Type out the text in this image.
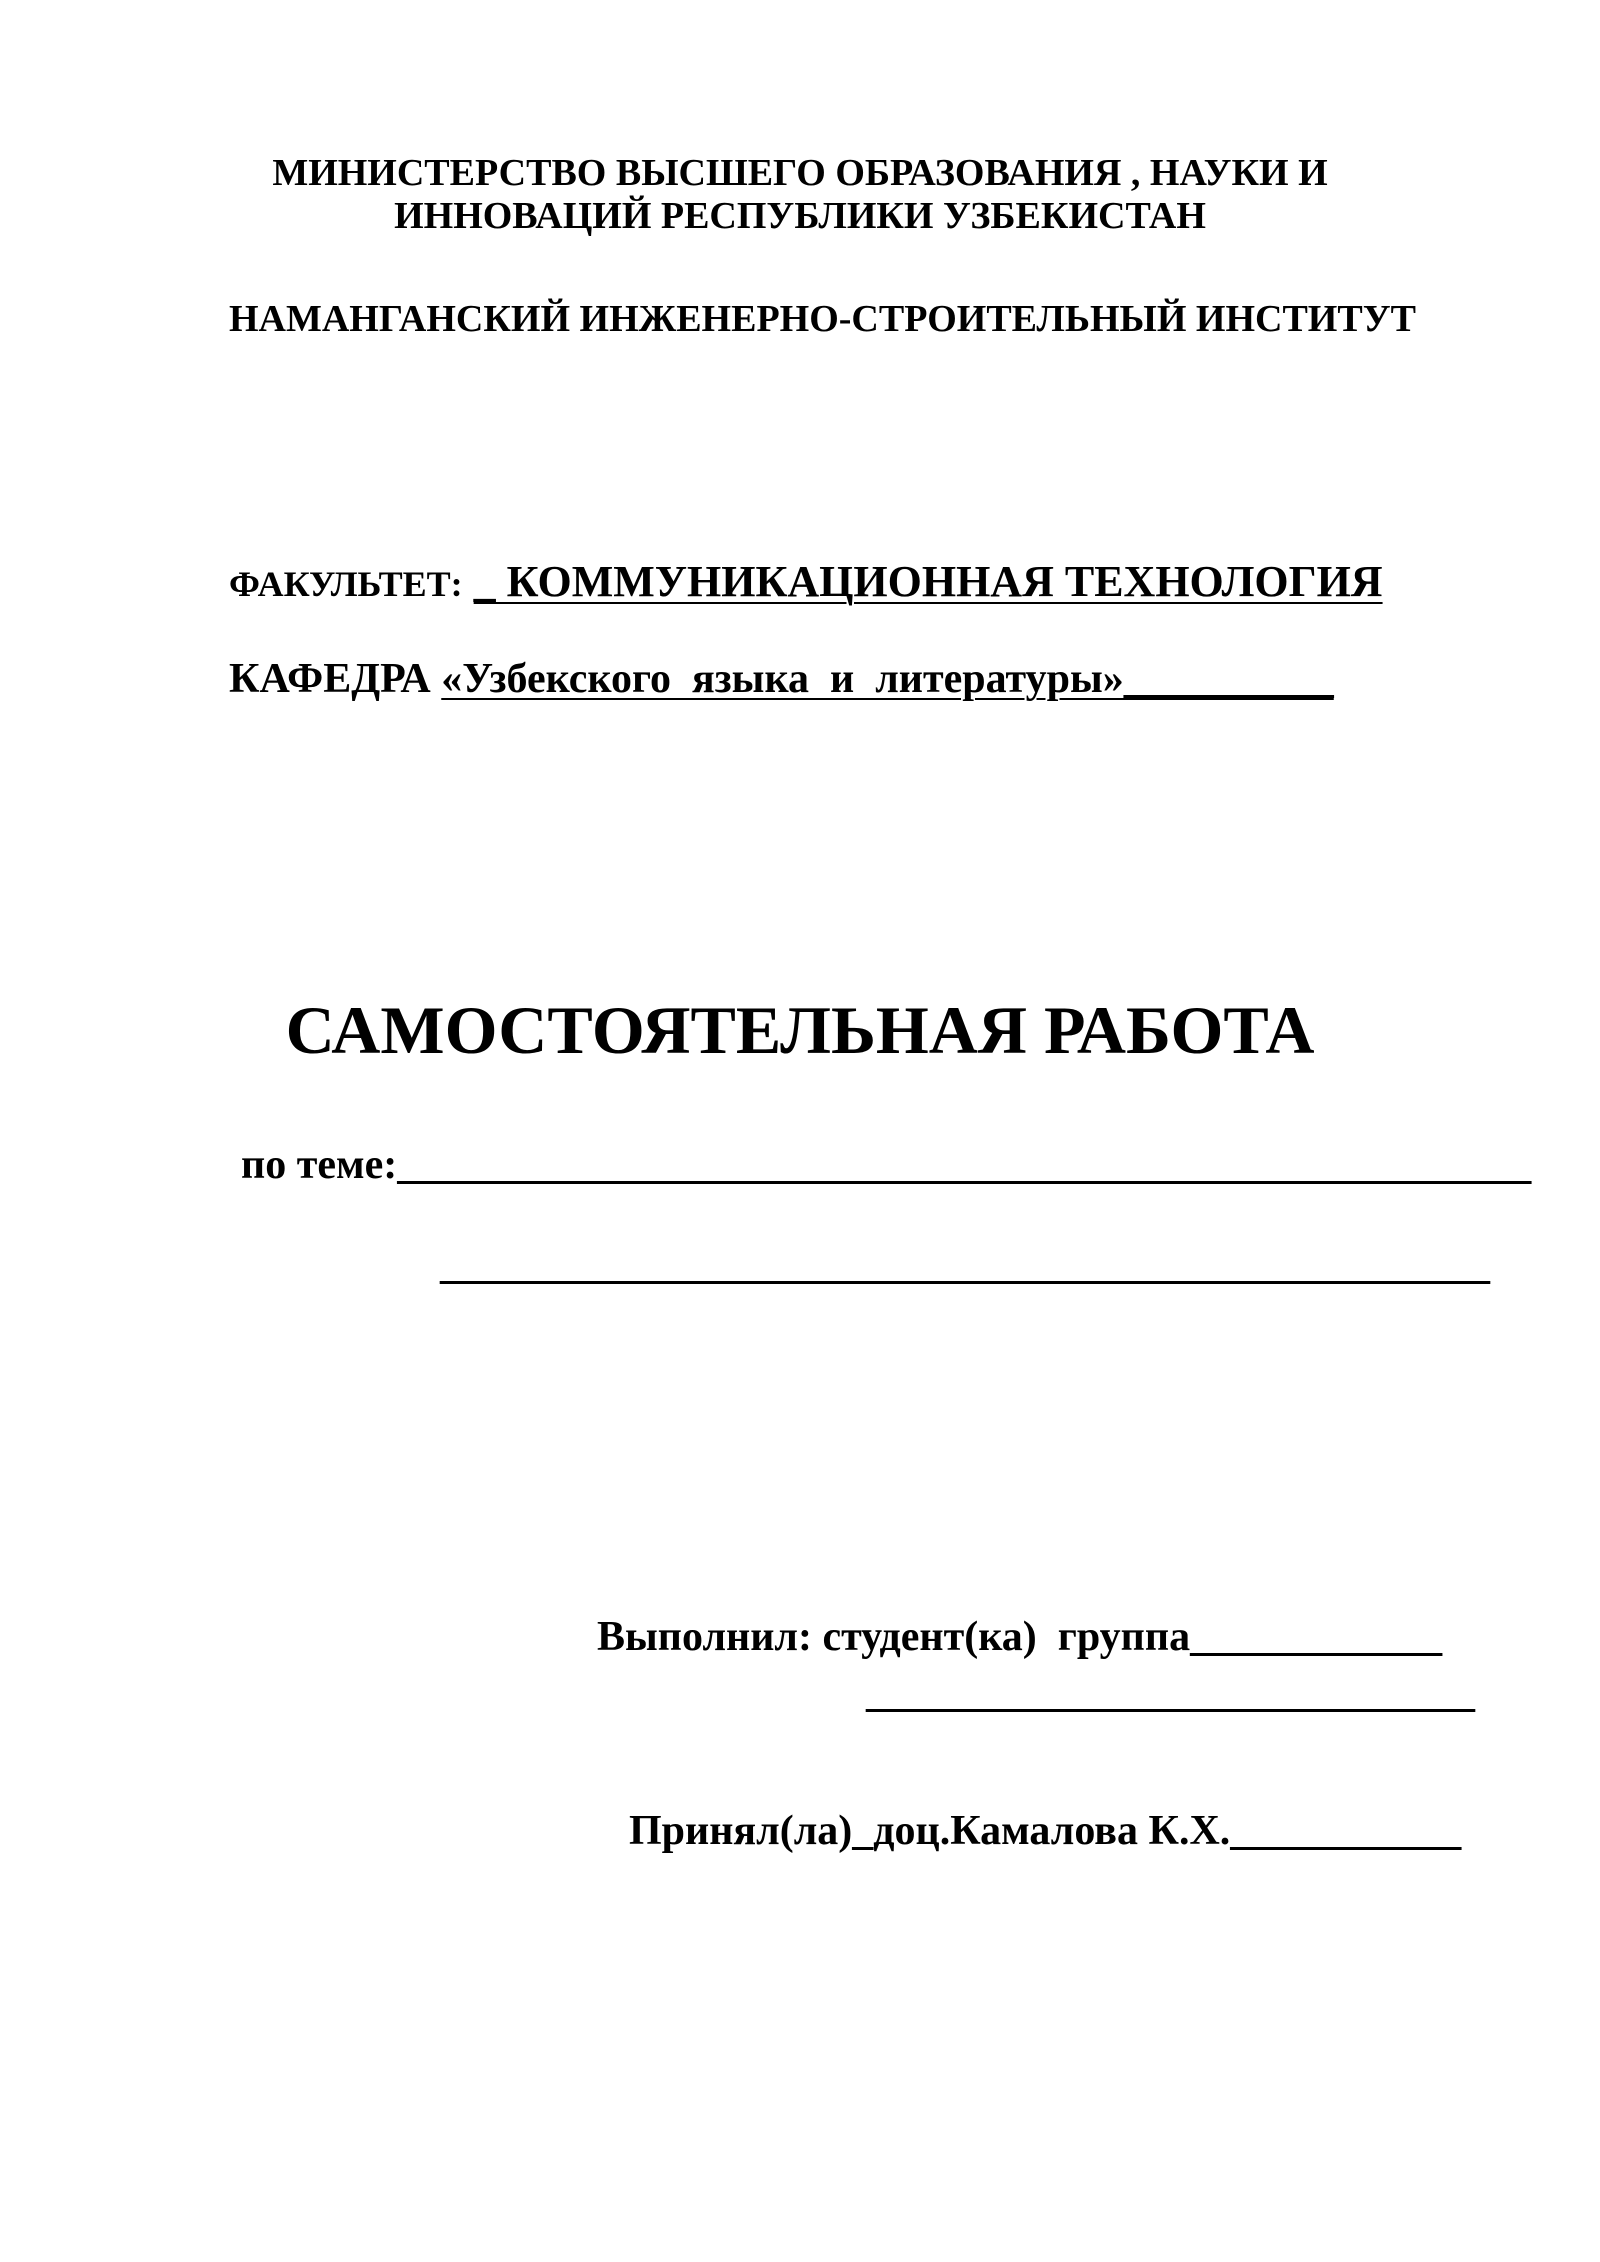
МИНИСТЕРСТВО ВЫСШЕГО ОБРАЗОВАНИЯ , НАУКИ И
ИННОВАЦИЙ РЕСПУБЛИКИ УЗБЕКИСТАН
НАМАНГАНСКИЙ ИНЖЕНЕРНО-СТРОИТЕЛЬНЫЙ ИНСТИТУТ
ФАКУЛЬТЕТ: _ КОММУНИКАЦИОННАЯ ТЕХНОЛОГИЯ
КАФЕДРА «Узбекского  языка  и  литературы»__________
САМОСТОЯТЕЛЬНАЯ РАБОТА
по теме:______________________________________________________
__________________________________________________
Выполнил: студент(ка)  группа____________
_____________________________
Принял(ла)_доц.Камалова К.Х.___________
